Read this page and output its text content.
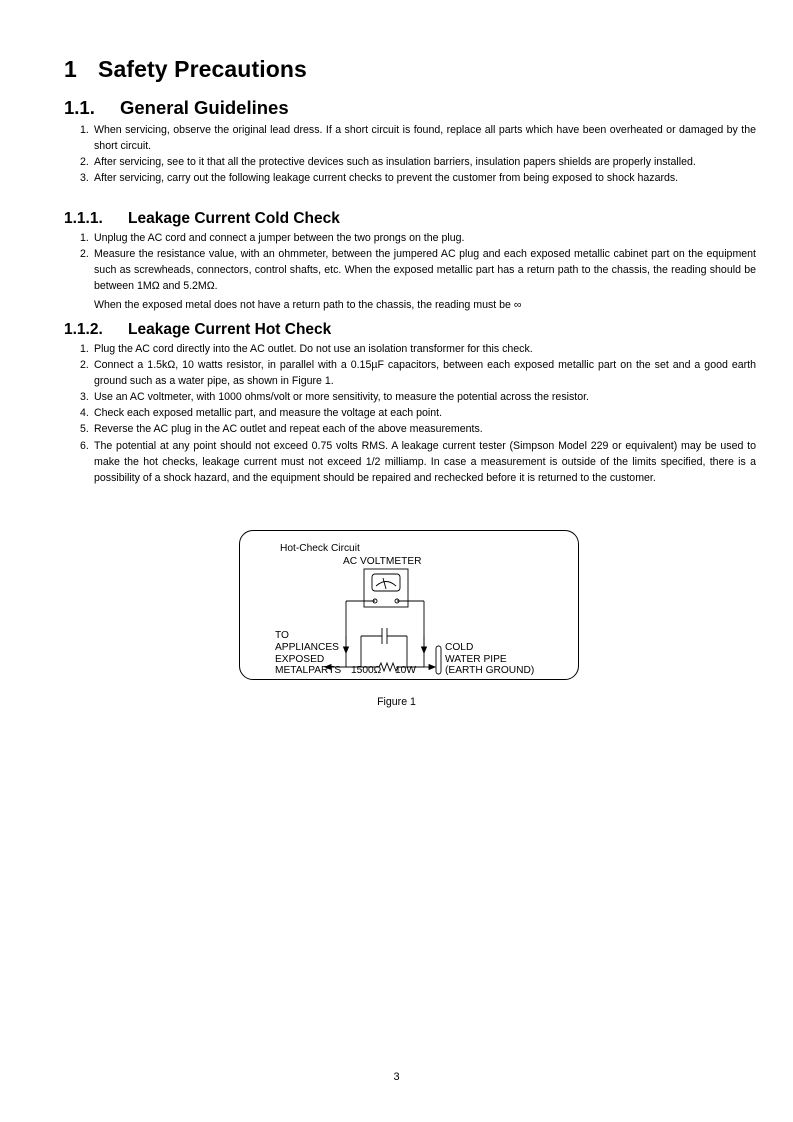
1 Safety Precautions
1.1. General Guidelines
1. When servicing, observe the original lead dress. If a short circuit is found, replace all parts which have been overheated or damaged by the short circuit.
2. After servicing, see to it that all the protective devices such as insulation barriers, insulation papers shields are properly installed.
3. After servicing, carry out the following leakage current checks to prevent the customer from being exposed to shock hazards.
1.1.1. Leakage Current Cold Check
1. Unplug the AC cord and connect a jumper between the two prongs on the plug.
2. Measure the resistance value, with an ohmmeter, between the jumpered AC plug and each exposed metallic cabinet part on the equipment such as screwheads, connectors, control shafts, etc. When the exposed metallic part has a return path to the chassis, the reading should be between 1MΩ and 5.2MΩ.

When the exposed metal does not have a return path to the chassis, the reading must be ∞

1.1.2. Leakage Current Hot Check
1. Plug the AC cord directly into the AC outlet. Do not use an isolation transformer for this check.
2. Connect a 1.5kΩ, 10 watts resistor, in parallel with a 0.15µF capacitors, between each exposed metallic part on the set and a good earth ground such as a water pipe, as shown in Figure 1.
3. Use an AC voltmeter, with 1000 ohms/volt or more sensitivity, to measure the potential across the resistor.
4. Check each exposed metallic part, and measure the voltage at each point.
5. Reverse the AC plug in the AC outlet and repeat each of the above measurements.
6. The potential at any point should not exceed 0.75 volts RMS. A leakage current tester (Simpson Model 229 or equivalent) may be used to make the hot checks, leakage current must not exceed 1/2 milliamp. In case a measurement is outside of the limits specified, there is a possibility of a shock hazard, and the equipment should be repaired and rechecked before it is returned to the customer.
Hot-Check Circuit
AC VOLTMETER
TO
APPLIANCES
EXPOSED
METALPARTS 1500Ω 10W
COLD
WATER PIPE
(EARTH GROUND)
Figure 1
3
